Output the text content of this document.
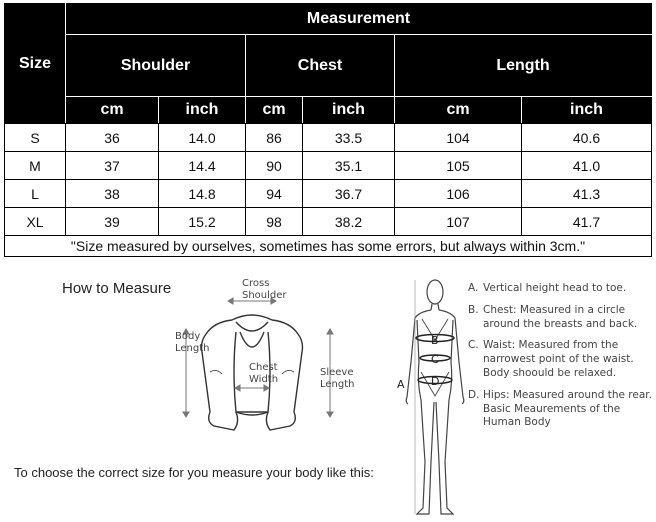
Size	Measurement					
	Shoulder		Chest		Length	
	cm	inch	cm	inch	cm	inch
S	36	14.0	86	33.5	104	40.6
M	37	14.4	90	35.1	105	41.0
L	38	14.8	94	36.7	106	41.3
XL	39	15.2	98	38.2	107	41.7
"Size measured by ourselves, sometimes has some errors, but always within 3cm."						
How to Measure	Cross
Shoulder
Body
Length
Chest
Width
Sleeve
Length	A
B
C
D
A. Vertical height head to toe.
B. Chest: Measured in a circle around the breasts and back.
C. Waist: Measured from the narrowest point of the waist. Body shoould be relaxed.
D. Hips: Measured around the rear. Basic Meaurements of the Human Body
To choose the correct size for you measure your body like this:
